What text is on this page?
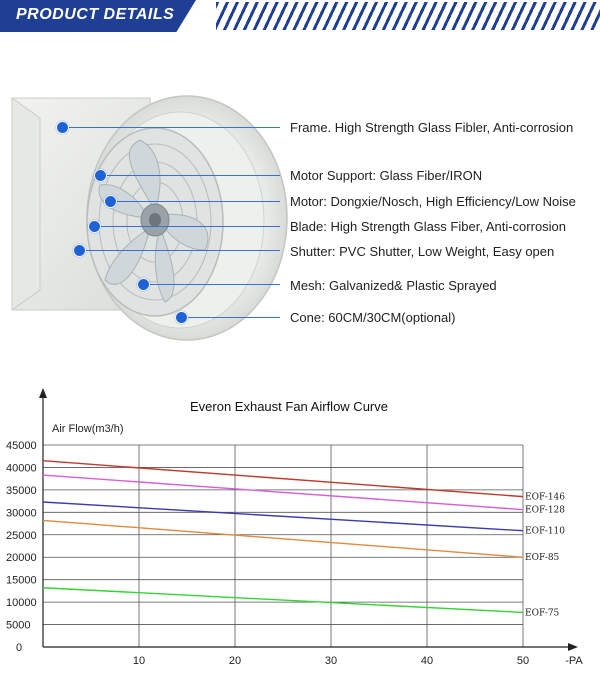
PRODUCT DETAILS
Frame. High Strength Glass Fibler, Anti-corrosion
Motor Support: Glass Fiber/IRON
Motor: Dongxie/Nosch, High Efficiency/Low Noise
Blade: High Strength Glass Fiber, Anti-corrosion
Shutter: PVC Shutter, Low Weight, Easy open
Mesh: Galvanized& Plastic Sprayed
Cone: 60CM/30CM(optional)
Everon Exhaust Fan Airflow Curve
Air Flow(m3/h)
0
5000
10000
15000
20000
25000
30000
35000
40000
45000
10	20	30	40	50	-PA
EOF-146
EOF-128
EOF-110
EOF-85
EOF-75
